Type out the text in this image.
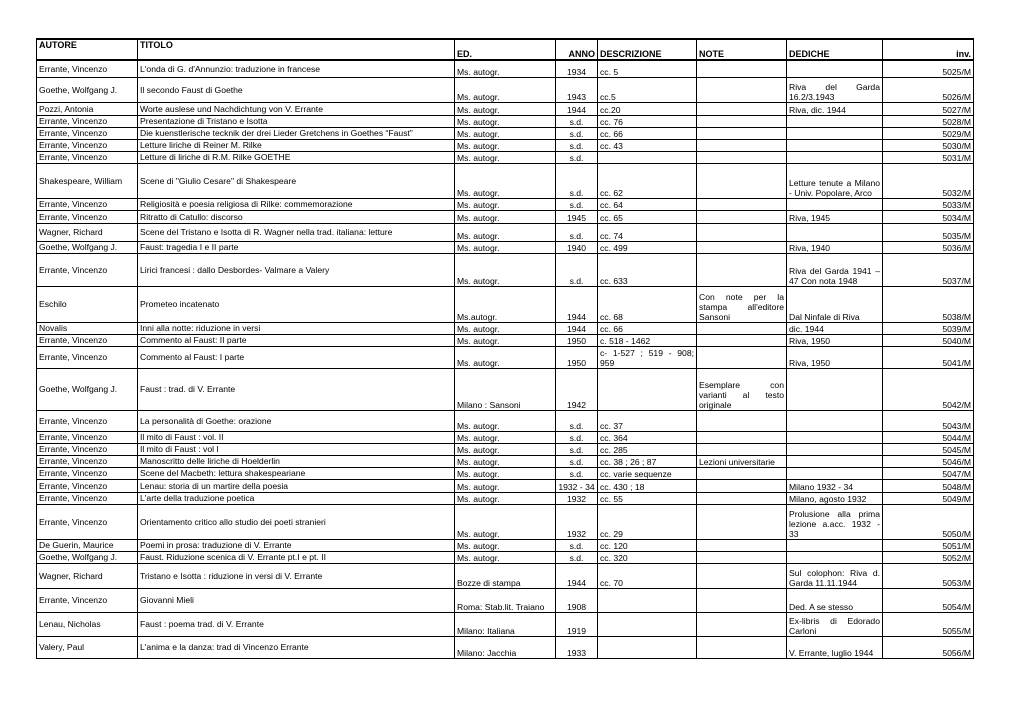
AUTORE	TITOLO	ED.	ANNO	DESCRIZIONE	NOTE	DEDICHE	inv.
Errante, Vincenzo	L'onda di G. d'Annunzio: traduzione in francese	Ms. autogr.	1934	cc. 5			5025/M
Goethe, Wolfgang J.	Il secondo Faust di Goethe	Ms. autogr.	1943	cc.5		Riva del Garda 16.2/3.1943	5026/M
Pozzi, Antonia	Worte auslese und Nachdichtung von V. Errante	Ms. autogr.	1944	cc.20		Riva, dic. 1944	5027/M
Errante, Vincenzo	Presentazione di Tristano e Isotta	Ms. autogr.	s.d.	cc. 76			5028/M
Errante, Vincenzo	Die kuenstlerische tecknik der drei Lieder Gretchens in Goethes “Faust”	Ms. autogr.	s.d.	cc. 66			5029/M
Errante, Vincenzo	Letture liriche di Reiner M. Rilke	Ms. autogr.	s.d.	cc. 43			5030/M
Errante, Vincenzo	Letture di liriche di R.M. Rilke GOETHE	Ms. autogr.	s.d.				5031/M
Shakespeare, William	Scene di "Giulio Cesare" di Shakespeare	Ms. autogr.	s.d.	cc. 62		Letture tenute a Milano - Univ. Popolare, Arco	5032/M
Errante, Vincenzo	Religiosità e poesia religiosa di Rilke: commemorazione	Ms. autogr.	s.d.	cc. 64			5033/M
Errante, Vincenzo	Ritratto di Catullo: discorso	Ms. autogr.	1945	cc. 65		Riva, 1945	5034/M
Wagner, Richard	Scene del Tristano e Isotta di R. Wagner nella trad. italiana: letture	Ms. autogr.	s.d.	cc. 74			5035/M
Goethe, Wolfgang J.	Faust: tragedia I e II parte	Ms. autogr.	1940	cc. 499		Riva, 1940	5036/M
Errante, Vincenzo	Lirici francesi : dallo Desbordes- Valmare a Valery	Ms. autogr.	s.d.	cc. 633		Riva del Garda 1941 – 47 Con nota 1948	5037/M
Eschilo	Prometeo incatenato	Ms.autogr.	1944	cc. 68	Con note per la stampa all'editore Sansoni	Dal Ninfale di Riva	5038/M
Novalis	Inni alla notte: riduzione in versi	Ms. autogr.	1944	cc. 66		dic. 1944	5039/M
Errante, Vincenzo	Commento al Faust: II parte	Ms. autogr.	1950	c. 518 - 1462		Riva, 1950	5040/M
Errante, Vincenzo	Commento al Faust: I parte	Ms. autogr.	1950	c- 1-527 ; 519 - 908; 959		Riva, 1950	5041/M
Goethe, Wolfgang J.	Faust : trad. di V. Errante	Milano : Sansoni	1942		Esemplare con varianti al testo originale		5042/M
Errante, Vincenzo	La personalità di Goethe: orazione	Ms. autogr.	s.d.	cc. 37			5043/M
Errante, Vincenzo	Il mito di Faust : vol. II	Ms. autogr.	s.d.	cc. 364			5044/M
Errante, Vincenzo	Il mito di Faust : vol I	Ms. autogr.	s.d.	cc. 285			5045/M
Errante, Vincenzo	Manoscritto delle liriche di Hoelderlin	Ms. autogr.	s.d.	cc. 38 ; 26 ; 87	Lezioni universitarie		5046/M
Errante, Vincenzo	Scene del Macbeth: lettura shakespeariane	Ms. autogr.	s.d.	cc. varie sequenze			5047/M
Errante, Vincenzo	Lenau: storia di un martire della poesia	Ms. autogr.	1932 - 34	cc. 430 ; 18		Milano 1932 - 34	5048/M
Errante, Vincenzo	L'arte della traduzione poetica	Ms. autogr.	1932	cc. 55		Milano, agosto 1932	5049/M
Errante, Vincenzo	Orientamento critico allo studio dei poeti stranieri	Ms. autogr.	1932	cc. 29		Prolusione alla prima lezione a.acc. 1932 - 33	5050/M
De Guerin, Maurice	Poemi in prosa: traduzione di V. Errante	Ms. autogr.	s.d.	cc. 120			5051/M
Goethe, Wolfgang J.	Faust. Riduzione scenica di V. Errante pt.I e pt. II	Ms. autogr.	s.d.	cc. 320			5052/M
Wagner, Richard	Tristano e Isotta : riduzione in versi di V. Errante	Bozze di stampa	1944	cc. 70		Sul colophon: Riva d. Garda 11.11.1944	5053/M
Errante, Vincenzo	Giovanni Mieli	Roma: Stab.lit. Traiano	1908			Ded. A se stesso	5054/M
Lenau, Nicholas	Faust : poema trad. di V. Errante	Milano: Italiana	1919			Ex-libris di Edorado Carloni	5055/M
Valery, Paul	L'anima e la danza: trad di Vincenzo Errante	Milano: Jacchia	1933			V. Errante, luglio 1944	5056/M
